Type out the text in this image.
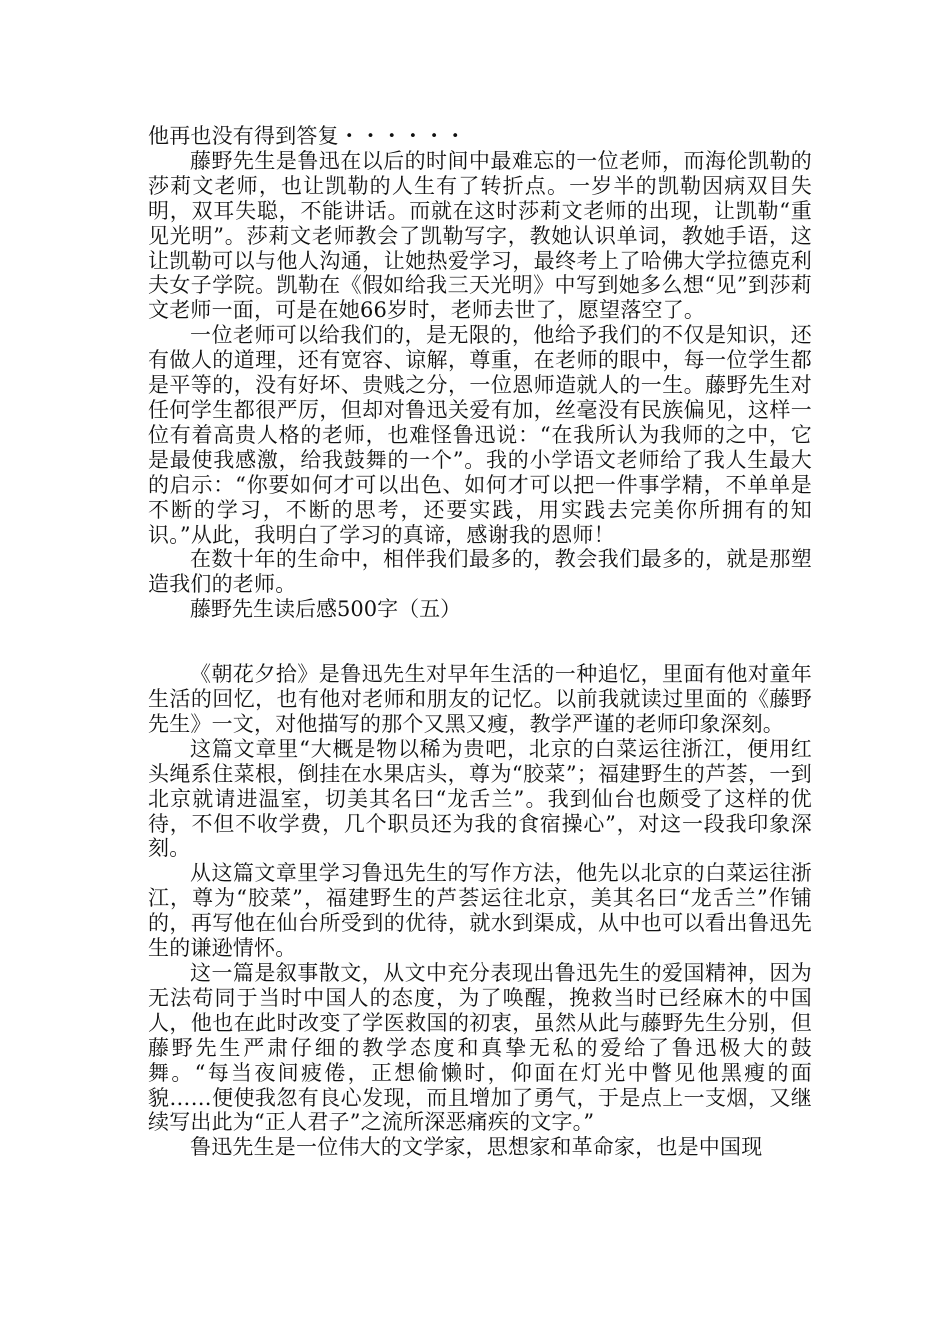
他再也没有得到答复・・・・・・

藤野先生是鲁迅在以后的时间中最难忘的一位老师，而海伦凯勒的莎莉文老师，也让凯勒的人生有了转折点。一岁半的凯勒因病双目失明，双耳失聪，不能讲话。而就在这时莎莉文老师的出现，让凯勒“重见光明”。莎莉文老师教会了凯勒写字，教她认识单词，教她手语，这让凯勒可以与他人沟通，让她热爱学习，最终考上了哈佛大学拉德克利夫女子学院。凯勒在《假如给我三天光明》中写到她多么想“见”到莎莉文老师一面，可是在她66岁时，老师去世了，愿望落空了。

一位老师可以给我们的，是无限的，他给予我们的不仅是知识，还有做人的道理，还有宽容、谅解，尊重，在老师的眼中，每一位学生都是平等的，没有好坏、贵贱之分，一位恩师造就人的一生。藤野先生对任何学生都很严厉，但却对鲁迅关爱有加，丝毫没有民族偏见，这样一位有着高贵人格的老师，也难怪鲁迅说：“在我所认为我师的之中，它是最使我感激，给我鼓舞的一个”。我的小学语文老师给了我人生最大的启示：“你要如何才可以出色、如何才可以把一件事学精，不单单是不断的学习，不断的思考，还要实践，用实践去完美你所拥有的知识。”从此，我明白了学习的真谛，感谢我的恩师！

在数十年的生命中，相伴我们最多的，教会我们最多的，就是那塑造我们的老师。

藤野先生读后感500字（五）

《朝花夕拾》是鲁迅先生对早年生活的一种追忆，里面有他对童年生活的回忆，也有他对老师和朋友的记忆。以前我就读过里面的《藤野先生》一文，对他描写的那个又黑又瘦，教学严谨的老师印象深刻。

这篇文章里“大概是物以稀为贵吧，北京的白菜运往浙江，便用红头绳系住菜根，倒挂在水果店头，尊为“胶菜”；福建野生的芦荟，一到北京就请进温室，切美其名曰“龙舌兰”。我到仙台也颇受了这样的优待，不但不收学费，几个职员还为我的食宿操心”，对这一段我印象深刻。

从这篇文章里学习鲁迅先生的写作方法，他先以北京的白菜运往浙江，尊为“胶菜”，福建野生的芦荟运往北京，美其名曰“龙舌兰”作铺的，再写他在仙台所受到的优待，就水到渠成，从中也可以看出鲁迅先生的谦逊情怀。

这一篇是叙事散文，从文中充分表现出鲁迅先生的爱国精神，因为无法苟同于当时中国人的态度，为了唤醒，挽救当时已经麻木的中国人，他也在此时改变了学医救国的初衷，虽然从此与藤野先生分别，但藤野先生严肃仔细的教学态度和真挚无私的爱给了鲁迅极大的鼓舞。“每当夜间疲倦，正想偷懒时，仰面在灯光中瞥见他黑瘦的面貌……便使我忽有良心发现，而且增加了勇气，于是点上一支烟，又继续写出此为“正人君子”之流所深恶痛疾的文字。”

鲁迅先生是一位伟大的文学家，思想家和革命家，也是中国现
